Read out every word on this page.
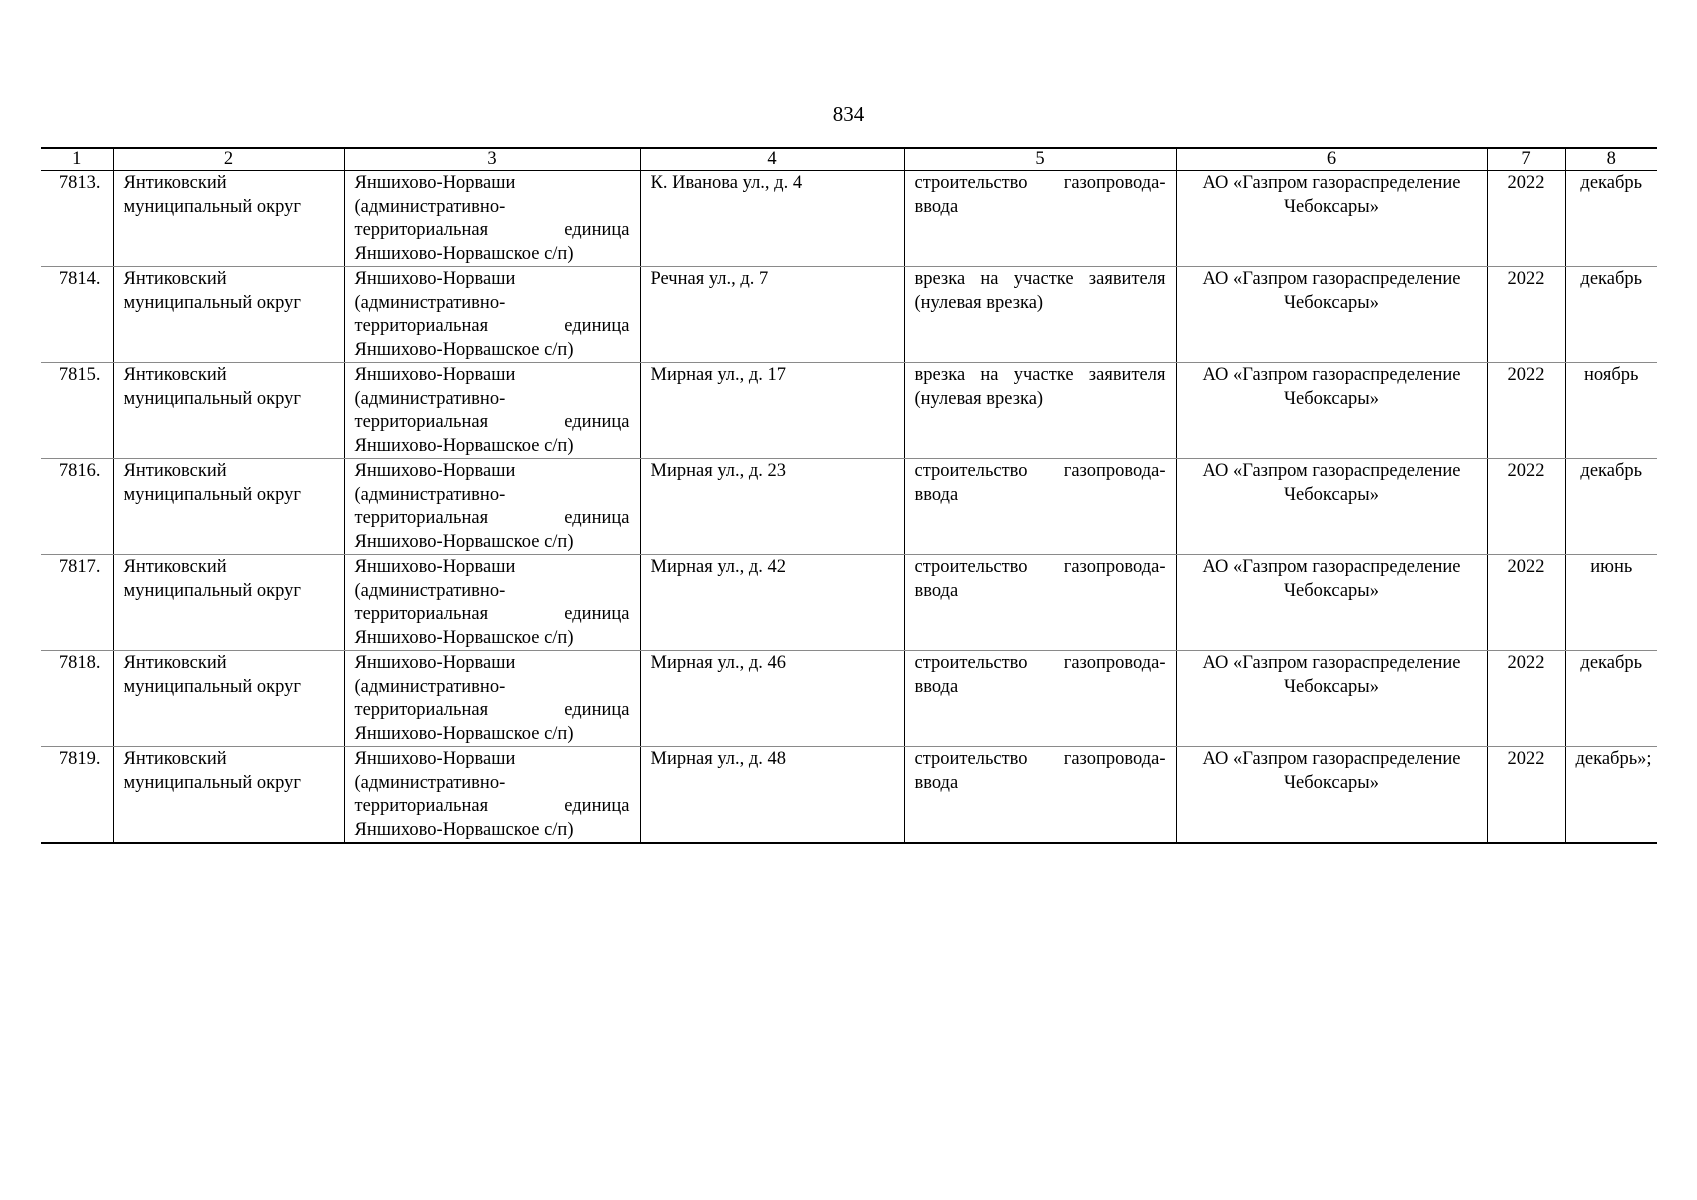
834
1	2	3	4	5	6	7	8
7813.	Янтиковский муниципальный округ	Яншихово-Норваши (административно-территориальная единица Яншихово-Норвашское с/п)	К. Иванова ул., д. 4	строительство газопровода-ввода	АО «Газпром газораспределение Чебоксары»	2022	декабрь
7814.	Янтиковский муниципальный округ	Яншихово-Норваши (административно-территориальная единица Яншихово-Норвашское с/п)	Речная ул., д. 7	врезка на участке заявителя (нулевая врезка)	АО «Газпром газораспределение Чебоксары»	2022	декабрь
7815.	Янтиковский муниципальный округ	Яншихово-Норваши (административно-территориальная единица Яншихово-Норвашское с/п)	Мирная ул., д. 17	врезка на участке заявителя (нулевая врезка)	АО «Газпром газораспределение Чебоксары»	2022	ноябрь
7816.	Янтиковский муниципальный округ	Яншихово-Норваши (административно-территориальная единица Яншихово-Норвашское с/п)	Мирная ул., д. 23	строительство газопровода-ввода	АО «Газпром газораспределение Чебоксары»	2022	декабрь
7817.	Янтиковский муниципальный округ	Яншихово-Норваши (административно-территориальная единица Яншихово-Норвашское с/п)	Мирная ул., д. 42	строительство газопровода-ввода	АО «Газпром газораспределение Чебоксары»	2022	июнь
7818.	Янтиковский муниципальный округ	Яншихово-Норваши (административно-территориальная единица Яншихово-Норвашское с/п)	Мирная ул., д. 46	строительство газопровода-ввода	АО «Газпром газораспределение Чебоксары»	2022	декабрь
7819.	Янтиковский муниципальный округ	Яншихово-Норваши (административно-территориальная единица Яншихово-Норвашское с/п)	Мирная ул., д. 48	строительство газопровода-ввода	АО «Газпром газораспределение Чебоксары»	2022	декабрь»;
